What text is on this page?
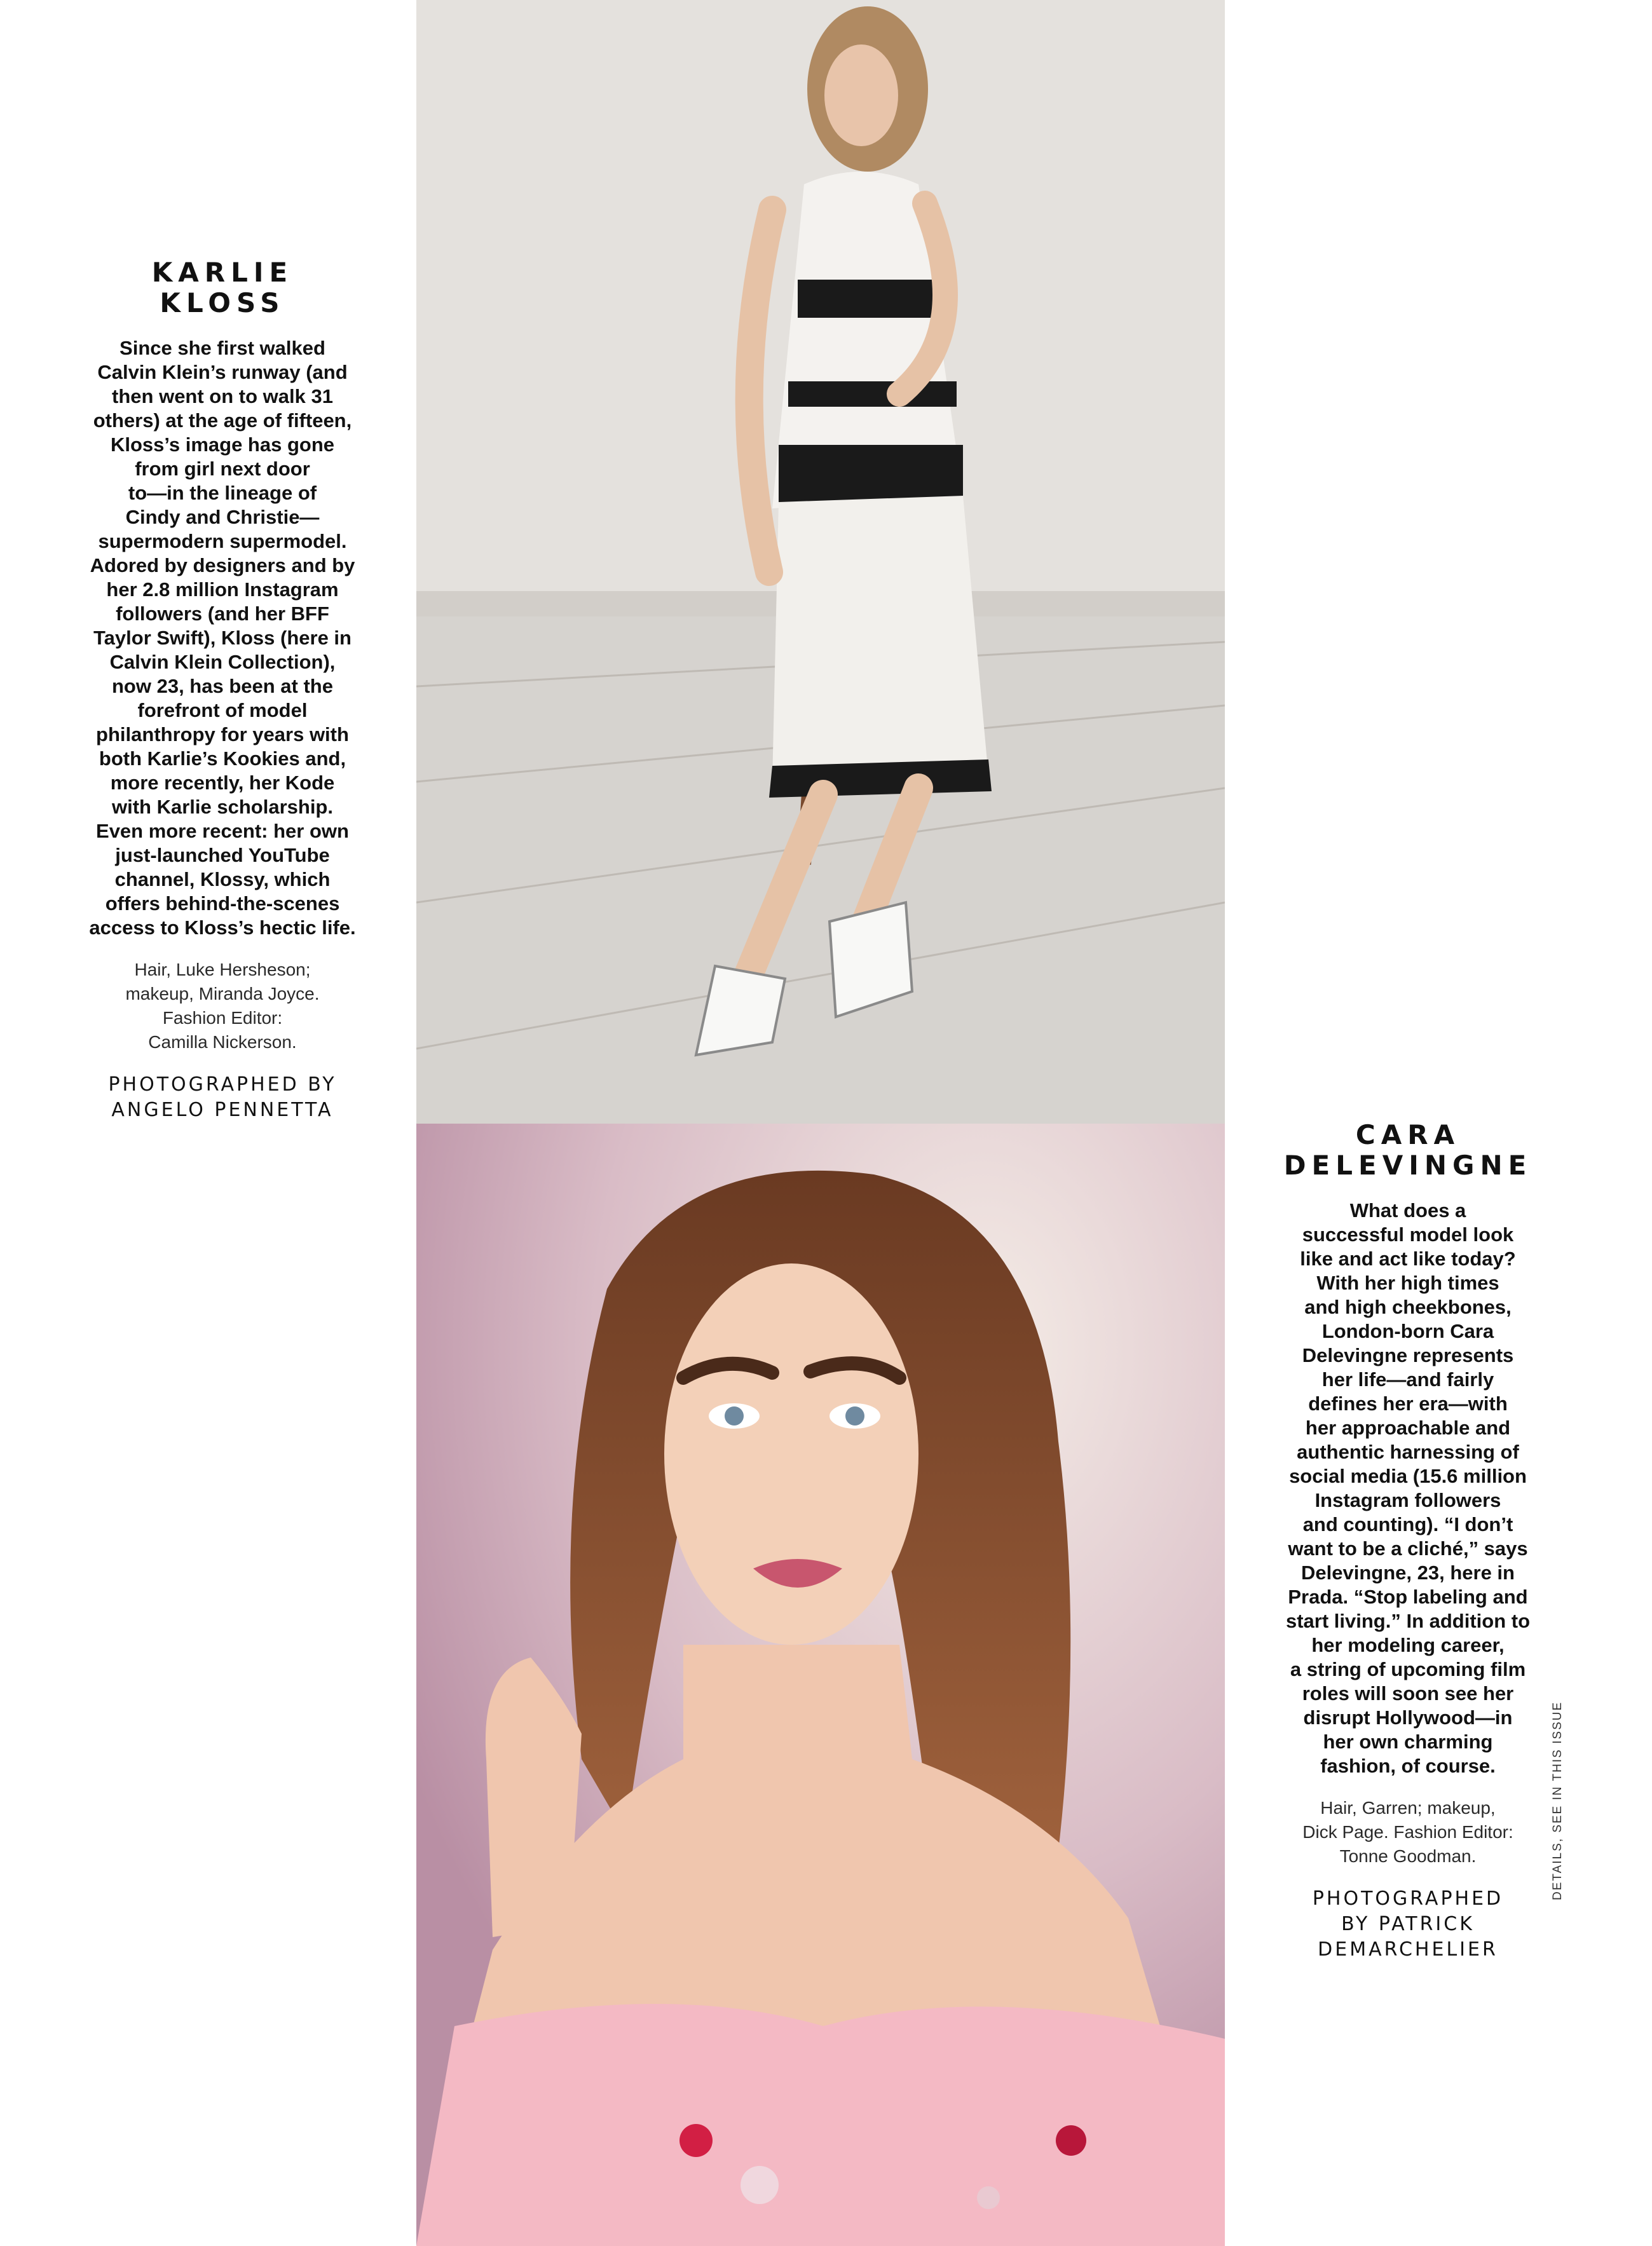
KARLIE
KLOSS

Since she first walked
Calvin Klein’s runway (and
then went on to walk 31
others) at the age of fifteen,
Kloss’s image has gone
from girl next door
to—in the lineage of
Cindy and Christie—
supermodern supermodel.
Adored by designers and by
her 2.8 million Instagram
followers (and her BFF
Taylor Swift), Kloss (here in
Calvin Klein Collection),
now 23, has been at the
forefront of model
philanthropy for years with
both Karlie’s Kookies and,
more recently, her Kode
with Karlie scholarship.
Even more recent: her own
just-launched YouTube
channel, Klossy, which
offers behind-the-scenes
access to Kloss’s hectic life.

Hair, Luke Hersheson;
makeup, Miranda Joyce.
Fashion Editor:
Camilla Nickerson.

PHOTOGRAPHED BY
ANGELO PENNETTA

CARA
DELEVINGNE

What does a
successful model look
like and act like today?
With her high times
and high cheekbones,
London-born Cara
Delevingne represents
her life—and fairly
defines her era—with
her approachable and
authentic harnessing of
social media (15.6 million
Instagram followers
and counting). “I don’t
want to be a cliché,” says
Delevingne, 23, here in
Prada. “Stop labeling and
start living.” In addition to
her modeling career,
a string of upcoming film
roles will soon see her
disrupt Hollywood—in
her own charming
fashion, of course.

Hair, Garren; makeup,
Dick Page. Fashion Editor:
Tonne Goodman.

PHOTOGRAPHED
BY PATRICK
DEMARCHELIER

DETAILS, SEE IN THIS ISSUE
